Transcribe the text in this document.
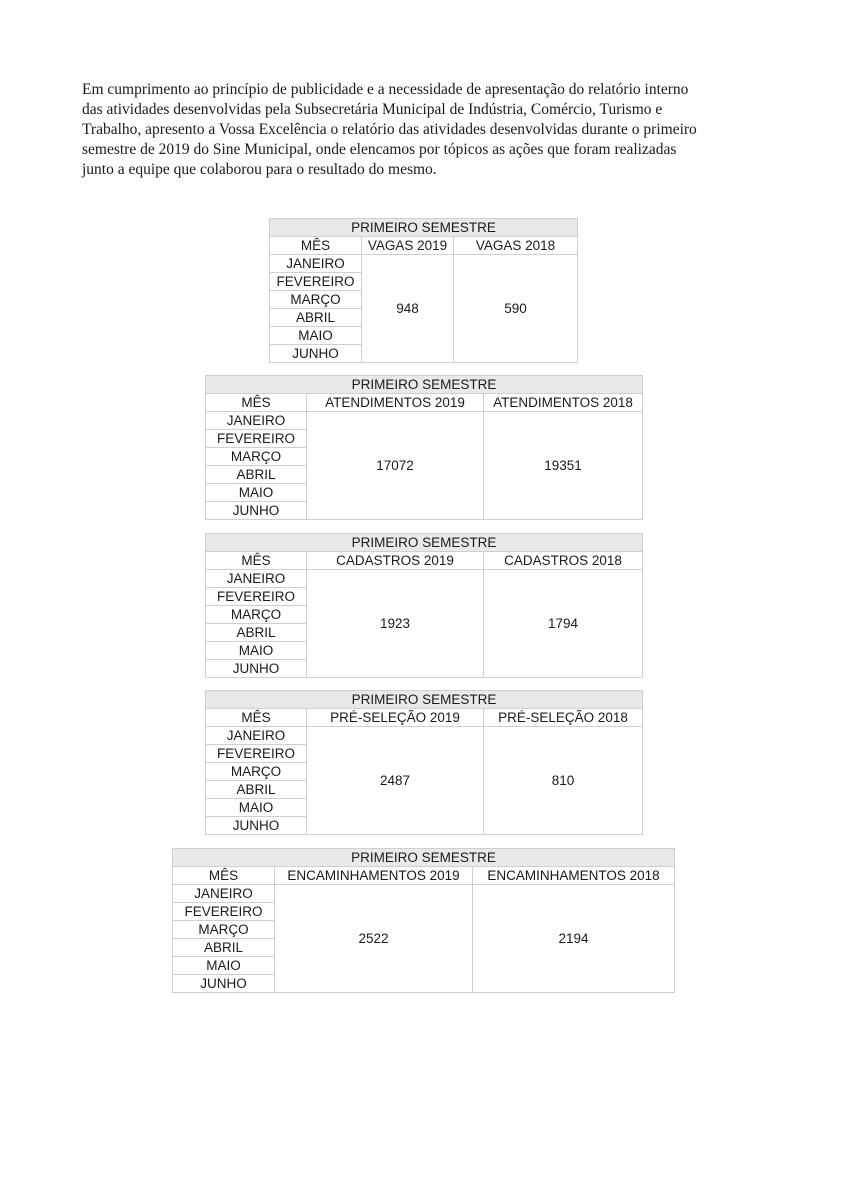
Em cumprimento ao princípio de publicidade e a necessidade de apresentação do relatório interno
das atividades desenvolvidas pela Subsecretária Municipal de Indústria, Comércio, Turismo e
Trabalho, apresento a Vossa Excelência o relatório das atividades desenvolvidas durante o primeiro
semestre de 2019 do Sine Municipal, onde elencamos por tópicos as ações que foram realizadas
junto a equipe que colaborou para o resultado do mesmo.

PRIMEIRO SEMESTRE		
MÊS	VAGAS 2019	VAGAS 2018
JANEIRO	948	590
FEVEREIRO		
MARÇO		
ABRIL		
MAIO		
JUNHO		
PRIMEIRO SEMESTRE		
MÊS	ATENDIMENTOS 2019	ATENDIMENTOS 2018
JANEIRO	17072	19351
FEVEREIRO		
MARÇO		
ABRIL		
MAIO		
JUNHO		
PRIMEIRO SEMESTRE		
MÊS	CADASTROS 2019	CADASTROS 2018
JANEIRO	1923	1794
FEVEREIRO		
MARÇO		
ABRIL		
MAIO		
JUNHO		
PRIMEIRO SEMESTRE		
MÊS	PRÉ-SELEÇÃO 2019	PRÉ-SELEÇÃO 2018
JANEIRO	2487	810
FEVEREIRO		
MARÇO		
ABRIL		
MAIO		
JUNHO		
PRIMEIRO SEMESTRE		
MÊS	ENCAMINHAMENTOS 2019	ENCAMINHAMENTOS 2018
JANEIRO	2522	2194
FEVEREIRO		
MARÇO		
ABRIL		
MAIO		
JUNHO		
